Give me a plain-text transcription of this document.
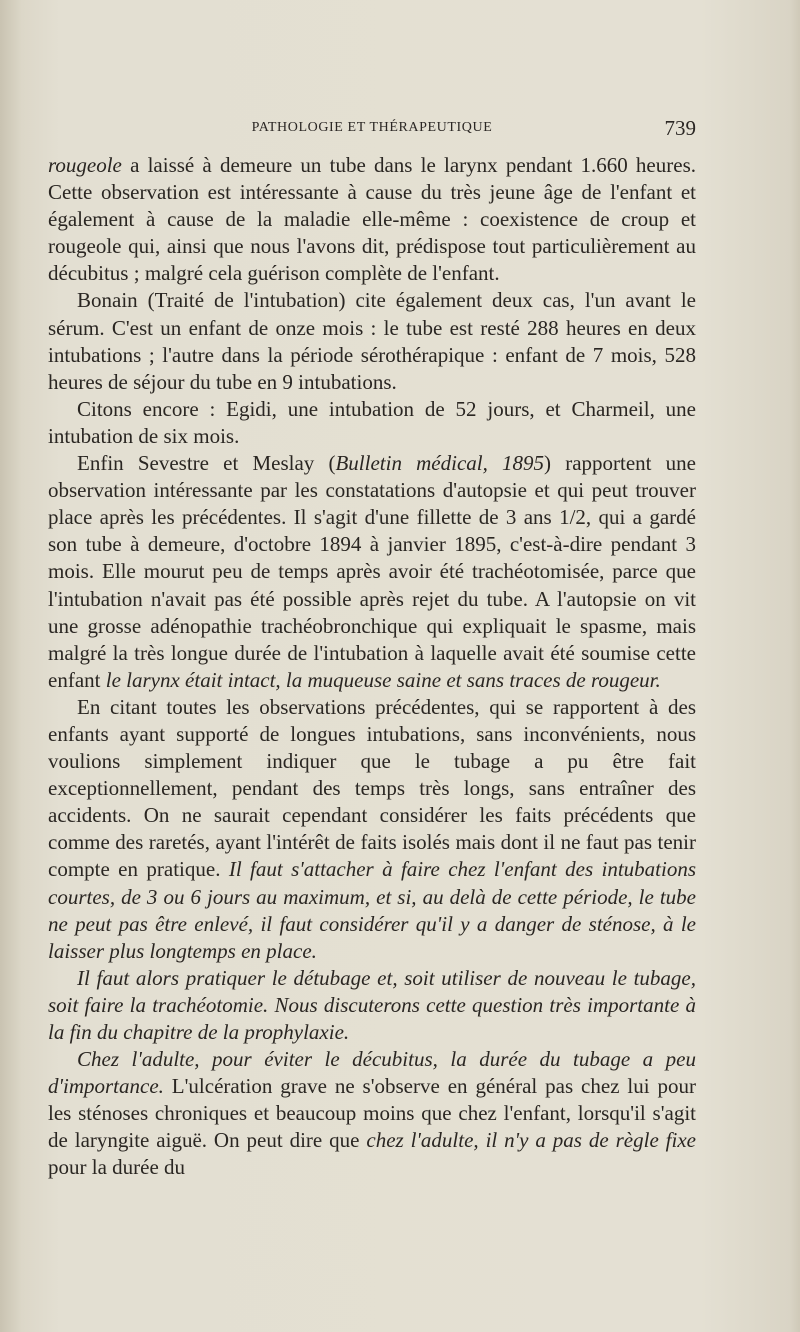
PATHOLOGIE ET THÉRAPEUTIQUE	739

rougeole a laissé à demeure un tube dans le larynx pendant 1.660 heures. Cette observation est intéressante à cause du très jeune âge de l'enfant et également à cause de la maladie elle-même : coexistence de croup et rougeole qui, ainsi que nous l'avons dit, prédispose tout particulièrement au décubitus ; malgré cela guérison complète de l'enfant.

Bonain (Traité de l'intubation) cite également deux cas, l'un avant le sérum. C'est un enfant de onze mois : le tube est resté 288 heures en deux intubations ; l'autre dans la période sérothérapique : enfant de 7 mois, 528 heures de séjour du tube en 9 intubations.

Citons encore : Egidi, une intubation de 52 jours, et Charmeil, une intubation de six mois.

Enfin Sevestre et Meslay (Bulletin médical, 1895) rapportent une observation intéressante par les constatations d'autopsie et qui peut trouver place après les précédentes. Il s'agit d'une fillette de 3 ans 1/2, qui a gardé son tube à demeure, d'octobre 1894 à janvier 1895, c'est-à-dire pendant 3 mois. Elle mourut peu de temps après avoir été trachéotomisée, parce que l'intubation n'avait pas été possible après rejet du tube. A l'autopsie on vit une grosse adénopathie trachéobronchique qui expliquait le spasme, mais malgré la très longue durée de l'intubation à laquelle avait été soumise cette enfant le larynx était intact, la muqueuse saine et sans traces de rougeur.

En citant toutes les observations précédentes, qui se rapportent à des enfants ayant supporté de longues intubations, sans inconvénients, nous voulions simplement indiquer que le tubage a pu être fait exceptionnellement, pendant des temps très longs, sans entraîner des accidents. On ne saurait cependant considérer les faits précédents que comme des raretés, ayant l'intérêt de faits isolés mais dont il ne faut pas tenir compte en pratique. Il faut s'attacher à faire chez l'enfant des intubations courtes, de 3 ou 6 jours au maximum, et si, au delà de cette période, le tube ne peut pas être enlevé, il faut considérer qu'il y a danger de sténose, à le laisser plus longtemps en place.

Il faut alors pratiquer le détubage et, soit utiliser de nouveau le tubage, soit faire la trachéotomie. Nous discuterons cette question très importante à la fin du chapitre de la prophylaxie.

Chez l'adulte, pour éviter le décubitus, la durée du tubage a peu d'importance. L'ulcération grave ne s'observe en général pas chez lui pour les sténoses chroniques et beaucoup moins que chez l'enfant, lorsqu'il s'agit de laryngite aiguë. On peut dire que chez l'adulte, il n'y a pas de règle fixe pour la durée du
